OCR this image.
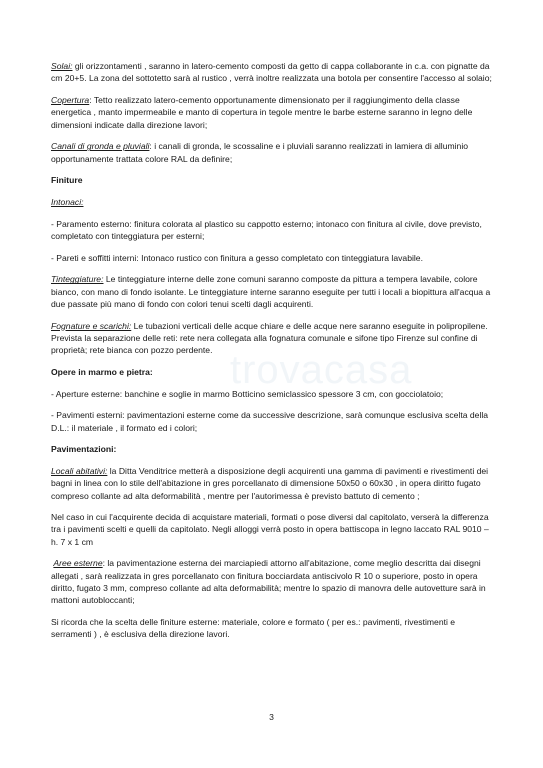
trovacasa

Solai: gli orizzontamenti , saranno in latero-cemento composti da getto di cappa collaborante in c.a. con pignatte da cm 20+5. La zona del sottotetto sarà al rustico , verrà inoltre realizzata una botola per consentire l'accesso al solaio;

Copertura: Tetto realizzato latero-cemento opportunamente dimensionato per il raggiungimento della classe energetica , manto impermeabile e manto di copertura in tegole mentre le barbe esterne saranno in legno delle dimensioni indicate dalla direzione lavori;

Canali di gronda e pluviali: i canali di gronda, le scossaline e i pluviali saranno realizzati in lamiera di alluminio opportunamente trattata colore RAL da definire;

Finiture

Intonaci:

- Paramento esterno: finitura colorata al plastico su cappotto esterno; intonaco con finitura al civile, dove previsto, completato con tinteggiatura per esterni;

- Pareti e soffitti interni: Intonaco rustico con finitura a gesso completato con tinteggiatura lavabile.

Tinteggiature: Le tinteggiature interne delle zone comuni saranno composte da pittura a tempera lavabile, colore bianco, con mano di fondo isolante. Le tinteggiature interne saranno eseguite per tutti i locali a biopittura all'acqua a due passate più mano di fondo con colori tenui scelti dagli acquirenti.

Fognature e scarichi: Le tubazioni verticali delle acque chiare e delle acque nere saranno eseguite in polipropilene. Prevista la separazione delle reti: rete nera collegata alla fognatura comunale e sifone tipo Firenze sul confine di proprietà; rete bianca con pozzo perdente.

Opere in marmo e pietra:

- Aperture esterne: banchine e soglie in marmo Botticino semiclassico spessore 3 cm, con gocciolatoio;

- Pavimenti esterni: pavimentazioni esterne come da successive descrizione, sarà comunque esclusiva scelta della D.L.: il materiale , il formato ed i colori;

Pavimentazioni:

Locali abitativi: la Ditta Venditrice metterà a disposizione degli acquirenti una gamma di pavimenti e rivestimenti dei bagni in linea con lo stile dell'abitazione in gres porcellanato di dimensione 50x50 o 60x30 , in opera diritto fugato compreso collante ad alta deformabilità , mentre per l'autorimessa è previsto battuto di cemento ;

Nel caso in cui l'acquirente decida di acquistare materiali, formati o pose diversi dal capitolato, verserà la differenza tra i pavimenti scelti e quelli da capitolato. Negli alloggi verrà posto in opera battiscopa in legno laccato RAL 9010 – h. 7 x 1 cm

Aree esterne: la pavimentazione esterna dei marciapiedi attorno all'abitazione, come meglio descritta dai disegni allegati , sarà realizzata in gres porcellanato con finitura bocciardata antiscivolo R 10 o superiore, posto in opera diritto, fugato 3 mm, compreso collante ad alta deformabilità; mentre lo spazio di manovra delle autovetture sarà in mattoni autobloccanti;

Si ricorda che la scelta delle finiture esterne: materiale, colore e formato ( per es.: pavimenti, rivestimenti e serramenti ) , è esclusiva della direzione lavori.

3
